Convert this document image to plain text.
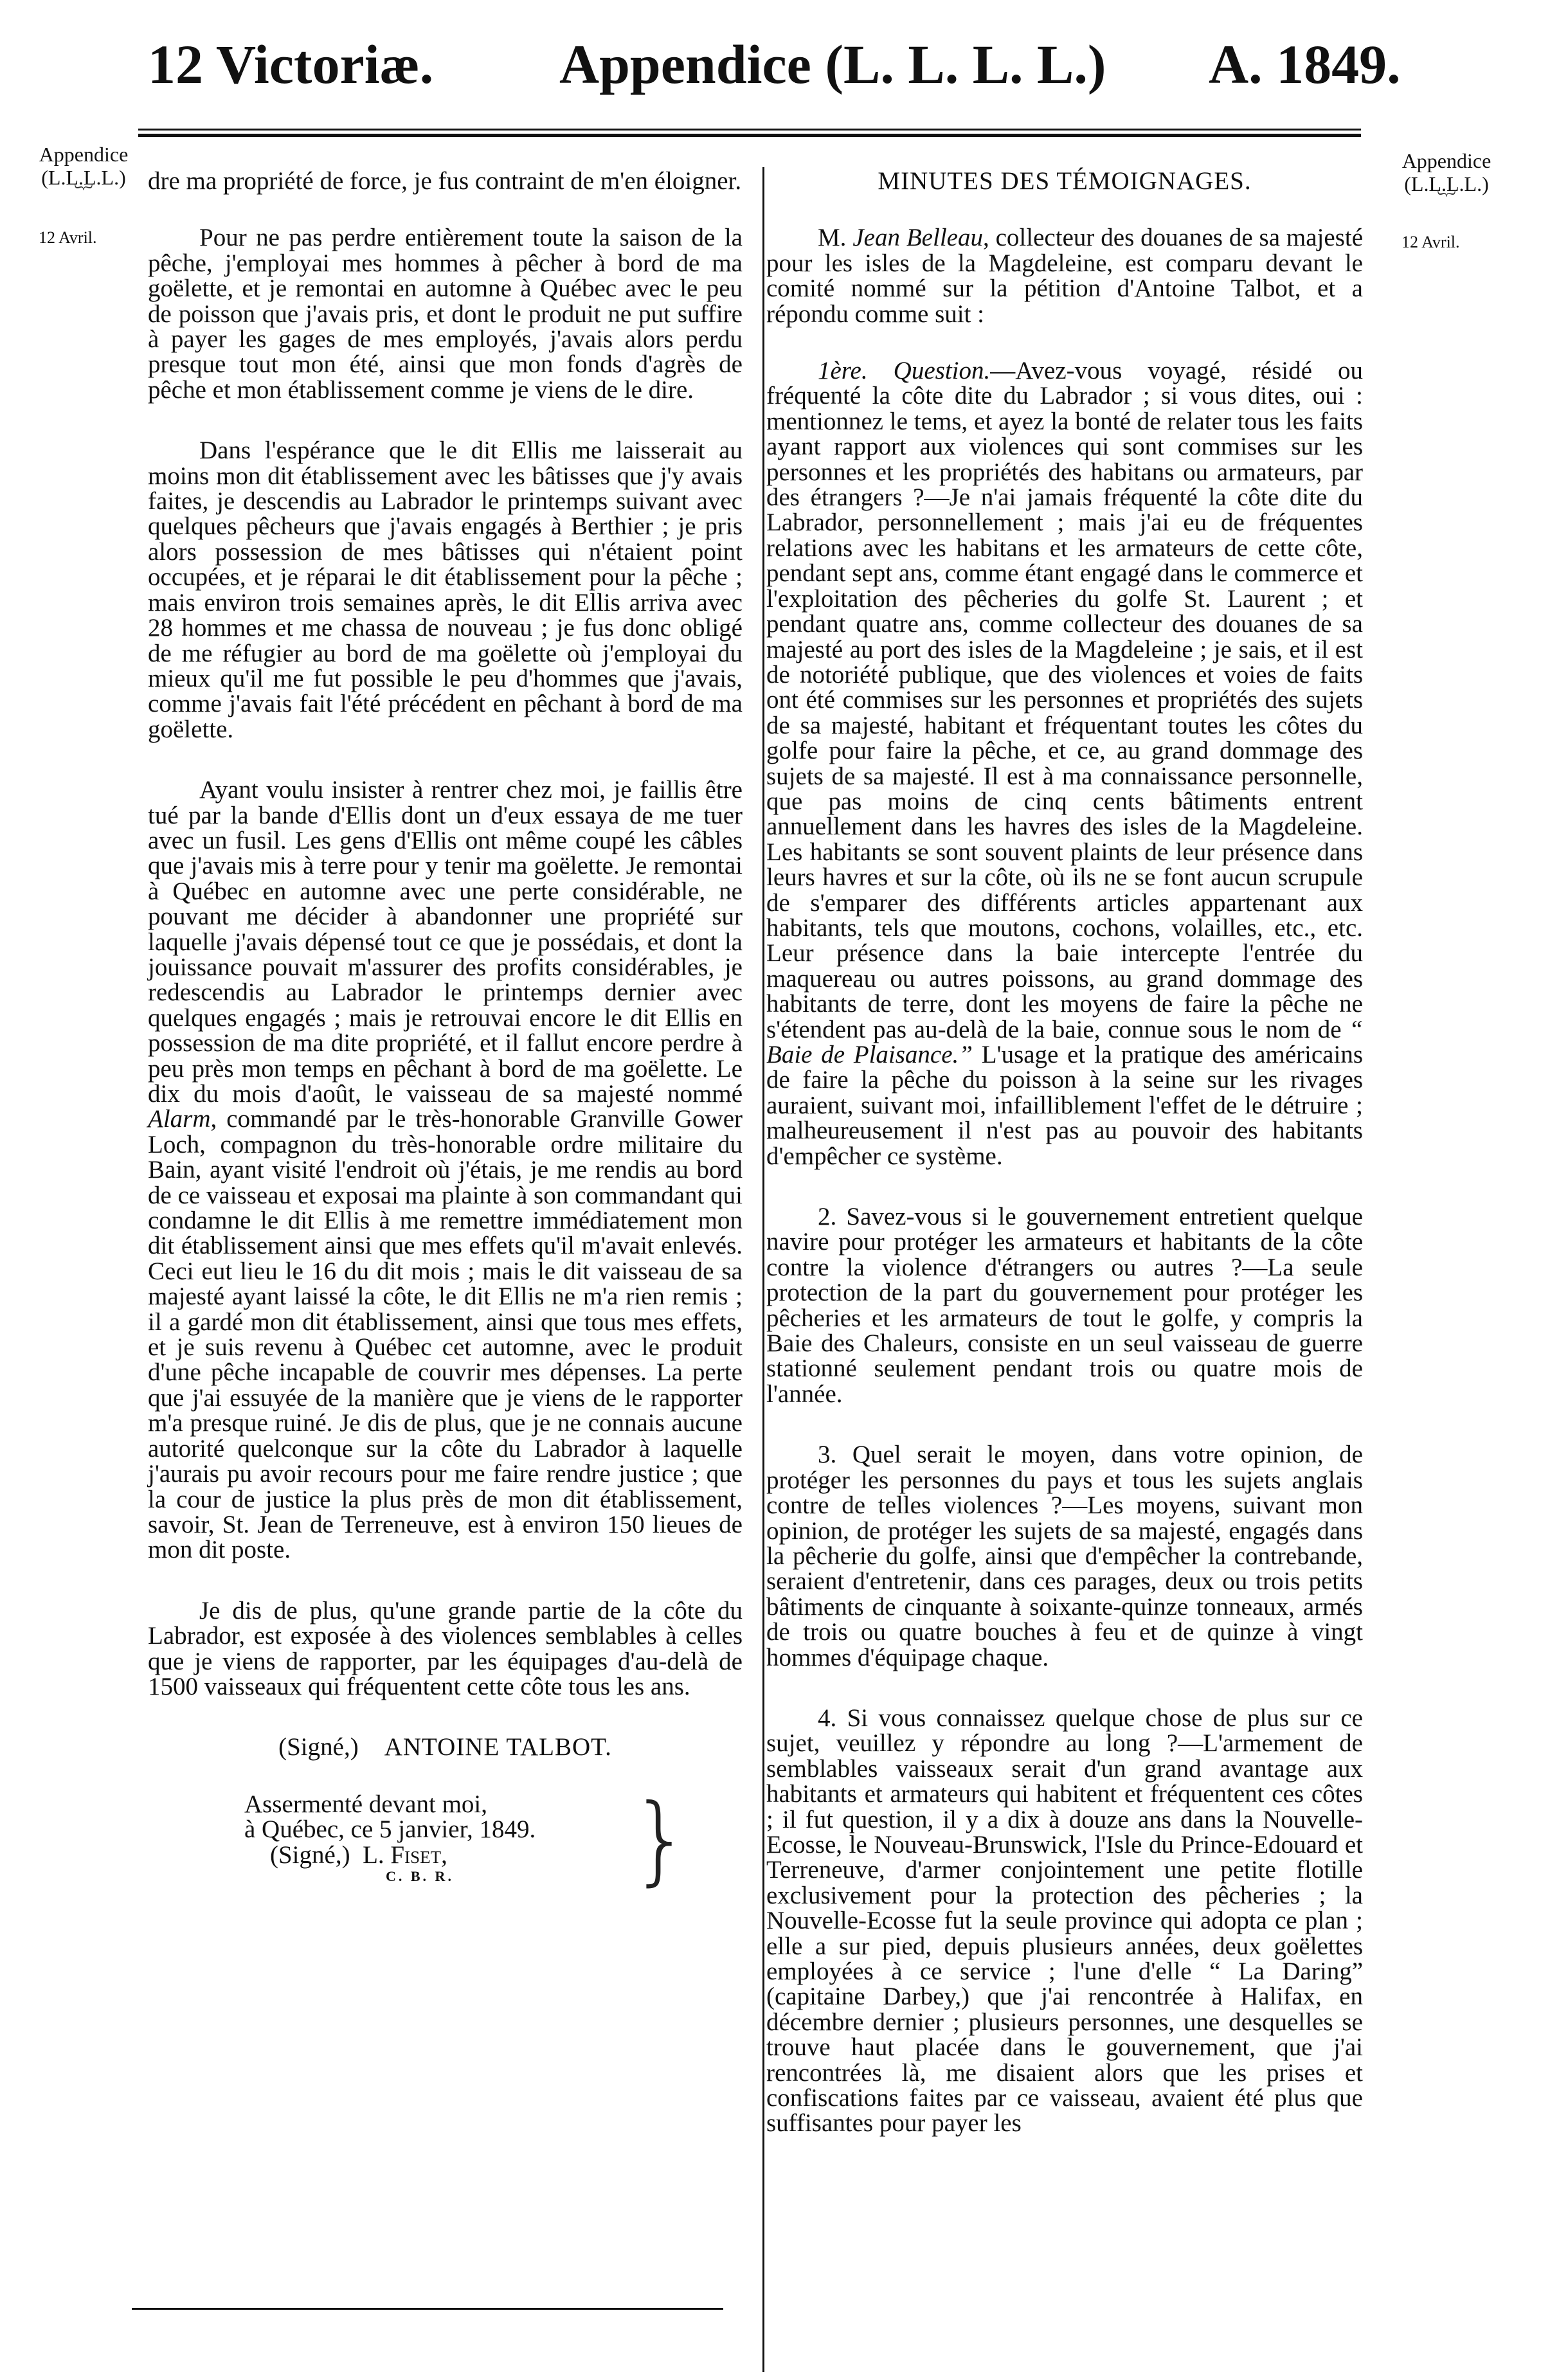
12 Victoriæ. Appendice (L. L. L. L.) A. 1849.
Appendice
(L.L.L.L.)
︸
12 Avril.
Appendice
(L.L.L.L.)
︸
12 Avril.

dre ma propriété de force, je fus contraint de m'en éloigner.

Pour ne pas perdre entièrement toute la saison de la pêche, j'employai mes hommes à pêcher à bord de ma goëlette, et je remontai en automne à Québec avec le peu de poisson que j'avais pris, et dont le produit ne put suffire à payer les gages de mes employés, j'avais alors perdu presque tout mon été, ainsi que mon fonds d'agrès de pêche et mon établissement comme je viens de le dire.

Dans l'espérance que le dit Ellis me laisserait au moins mon dit établissement avec les bâtisses que j'y avais faites, je descendis au Labrador le printemps suivant avec quelques pêcheurs que j'avais engagés à Berthier ; je pris alors possession de mes bâtisses qui n'étaient point occupées, et je réparai le dit établissement pour la pêche ; mais environ trois semaines après, le dit Ellis arriva avec 28 hommes et me chassa de nouveau ; je fus donc obligé de me réfugier au bord de ma goëlette où j'employai du mieux qu'il me fut possible le peu d'hommes que j'avais, comme j'avais fait l'été précédent en pêchant à bord de ma goëlette.

Ayant voulu insister à rentrer chez moi, je faillis être tué par la bande d'Ellis dont un d'eux essaya de me tuer avec un fusil. Les gens d'Ellis ont même coupé les câbles que j'avais mis à terre pour y tenir ma goëlette. Je remontai à Québec en automne avec une perte considérable, ne pouvant me décider à abandonner une propriété sur laquelle j'avais dépensé tout ce que je possédais, et dont la jouissance pouvait m'assurer des profits considérables, je redescendis au Labrador le printemps dernier avec quelques engagés ; mais je retrouvai encore le dit Ellis en possession de ma dite propriété, et il fallut encore perdre à peu près mon temps en pêchant à bord de ma goëlette. Le dix du mois d'août, le vaisseau de sa majesté nommé Alarm, commandé par le très-honorable Granville Gower Loch, compagnon du très-honorable ordre militaire du Bain, ayant visité l'endroit où j'étais, je me rendis au bord de ce vaisseau et exposai ma plainte à son commandant qui condamne le dit Ellis à me remettre immédiatement mon dit établissement ainsi que mes effets qu'il m'avait enlevés. Ceci eut lieu le 16 du dit mois ; mais le dit vaisseau de sa majesté ayant laissé la côte, le dit Ellis ne m'a rien remis ; il a gardé mon dit établissement, ainsi que tous mes effets, et je suis revenu à Québec cet automne, avec le produit d'une pêche incapable de couvrir mes dépenses. La perte que j'ai essuyée de la manière que je viens de le rapporter m'a presque ruiné. Je dis de plus, que je ne connais aucune autorité quelconque sur la côte du Labrador à laquelle j'aurais pu avoir recours pour me faire rendre justice ; que la cour de justice la plus près de mon dit établissement, savoir, St. Jean de Terreneuve, est à environ 150 lieues de mon dit poste.

Je dis de plus, qu'une grande partie de la côte du Labrador, est exposée à des violences semblables à celles que je viens de rapporter, par les équipages d'au-delà de 1500 vaisseaux qui fréquentent cette côte tous les ans.

(Signé,) ANTOINE TALBOT.

Assermenté devant moi,
à Québec, ce 5 janvier, 1849.
(Signé,) L. Fiset,
C. B. R.	}

MINUTES DES TÉMOIGNAGES.

M. Jean Belleau, collecteur des douanes de sa majesté pour les isles de la Magdeleine, est comparu devant le comité nommé sur la pétition d'Antoine Talbot, et a répondu comme suit :

1ère. Question.—Avez-vous voyagé, résidé ou fréquenté la côte dite du Labrador ; si vous dites, oui : mentionnez le tems, et ayez la bonté de relater tous les faits ayant rapport aux violences qui sont commises sur les personnes et les propriétés des habitans ou armateurs, par des étrangers ?—Je n'ai jamais fréquenté la côte dite du Labrador, personnellement ; mais j'ai eu de fréquentes relations avec les habitans et les armateurs de cette côte, pendant sept ans, comme étant engagé dans le commerce et l'exploitation des pêcheries du golfe St. Laurent ; et pendant quatre ans, comme collecteur des douanes de sa majesté au port des isles de la Magdeleine ; je sais, et il est de notoriété publique, que des violences et voies de faits ont été commises sur les personnes et propriétés des sujets de sa majesté, habitant et fréquentant toutes les côtes du golfe pour faire la pêche, et ce, au grand dommage des sujets de sa majesté. Il est à ma connaissance personnelle, que pas moins de cinq cents bâtiments entrent annuellement dans les havres des isles de la Magdeleine. Les habitants se sont souvent plaints de leur présence dans leurs havres et sur la côte, où ils ne se font aucun scrupule de s'emparer des différents articles appartenant aux habitants, tels que moutons, cochons, volailles, etc., etc. Leur présence dans la baie intercepte l'entrée du maquereau ou autres poissons, au grand dommage des habitants de terre, dont les moyens de faire la pêche ne s'étendent pas au-delà de la baie, connue sous le nom de “ Baie de Plaisance.” L'usage et la pratique des américains de faire la pêche du poisson à la seine sur les rivages auraient, suivant moi, infailliblement l'effet de le détruire ; malheureusement il n'est pas au pouvoir des habitants d'empêcher ce système.

2. Savez-vous si le gouvernement entretient quelque navire pour protéger les armateurs et habitants de la côte contre la violence d'étrangers ou autres ?—La seule protection de la part du gouvernement pour protéger les pêcheries et les armateurs de tout le golfe, y compris la Baie des Chaleurs, consiste en un seul vaisseau de guerre stationné seulement pendant trois ou quatre mois de l'année.

3. Quel serait le moyen, dans votre opinion, de protéger les personnes du pays et tous les sujets anglais contre de telles violences ?—Les moyens, suivant mon opinion, de protéger les sujets de sa majesté, engagés dans la pêcherie du golfe, ainsi que d'empêcher la contrebande, seraient d'entretenir, dans ces parages, deux ou trois petits bâtiments de cinquante à soixante-quinze tonneaux, armés de trois ou quatre bouches à feu et de quinze à vingt hommes d'équipage chaque.

4. Si vous connaissez quelque chose de plus sur ce sujet, veuillez y répondre au long ?—L'armement de semblables vaisseaux serait d'un grand avantage aux habitants et armateurs qui habitent et fréquentent ces côtes ; il fut question, il y a dix à douze ans dans la Nouvelle-Ecosse, le Nouveau-Brunswick, l'Isle du Prince-Edouard et Terreneuve, d'armer conjointement une petite flotille exclusivement pour la protection des pêcheries ; la Nouvelle-Ecosse fut la seule province qui adopta ce plan ; elle a sur pied, depuis plusieurs années, deux goëlettes employées à ce service ; l'une d'elle “ La Daring” (capitaine Darbey,) que j'ai rencontrée à Halifax, en décembre dernier ; plusieurs personnes, une desquelles se trouve haut placée dans le gouvernement, que j'ai rencontrées là, me disaient alors que les prises et confiscations faites par ce vaisseau, avaient été plus que suffisantes pour payer les
